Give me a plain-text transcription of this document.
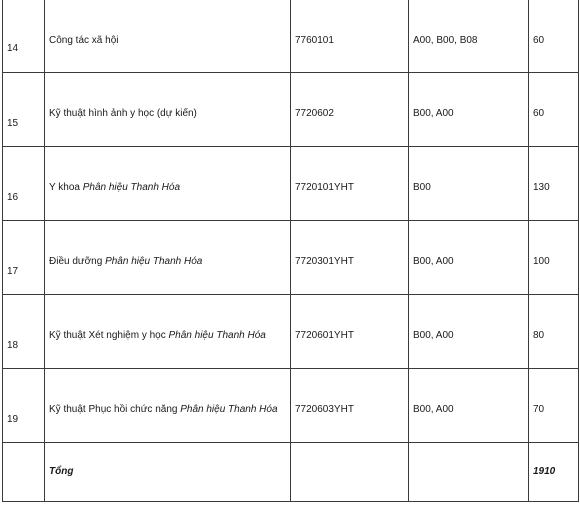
14	Công tác xã hội	7760101	A00, B00, B08	60

15	Kỹ thuật hình ảnh y học (dự kiến)	7720602	B00, A00	60

16	Y khoa Phân hiệu Thanh Hóa	7720101YHT	B00	130

17	Điều dưỡng Phân hiệu Thanh Hóa	7720301YHT	B00, A00	100

18	Kỹ thuật Xét nghiệm y học Phân hiệu Thanh Hóa	7720601YHT	B00, A00	80

19	Kỹ thuật Phục hồi chức năng Phân hiệu Thanh Hóa	7720603YHT	B00, A00	70

	Tổng			1910
